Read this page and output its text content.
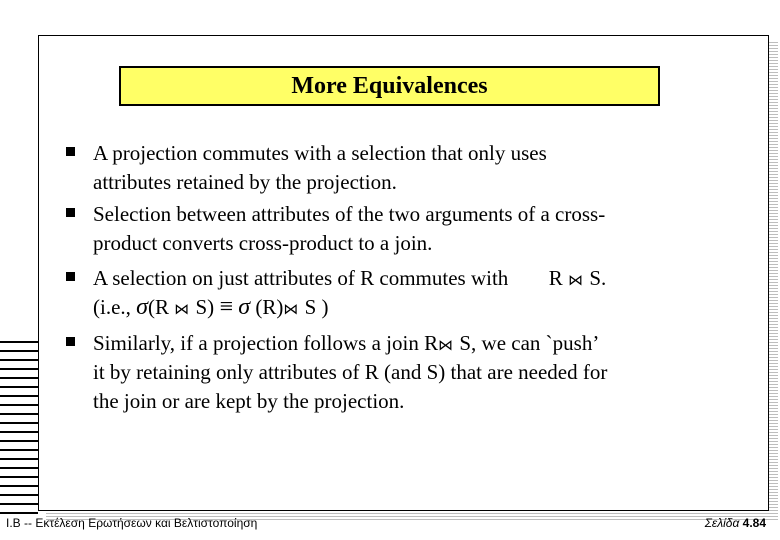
More Equivalences
A projection commutes with a selection that only uses
attributes retained by the projection.
Selection between attributes of the two arguments of a cross-
product converts cross-product to a join.
A selection on just attributes of R commutes with R ⋈ S.
(i.e., σ(R ⋈ S) ≡ σ (R)⋈ S )
Similarly, if a projection follows a join R⋈ S, we can `push’
it by retaining only attributes of R (and S) that are needed for
the join or are kept by the projection.
I.B -- Εκτέλεση Ερωτήσεων και Βελτιστοποίηση	Σελίδα 4.84
